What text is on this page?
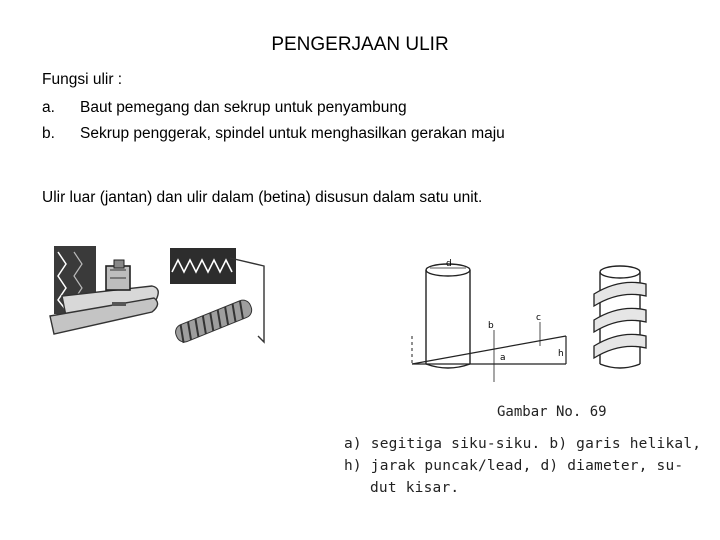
PENGERJAAN ULIR
Fungsi ulir :
a. Baut pemegang dan sekrup untuk penyambung
b. Sekrup penggerak, spindel untuk menghasilkan gerakan maju
Ulir luar (jantan) dan ulir dalam (betina) disusun dalam satu unit.
d
a
b
c
h
Gambar No. 69
a) segitiga siku-siku. b) garis helikal,
h) jarak puncak/lead, d) diameter, su-
dut kisar.
